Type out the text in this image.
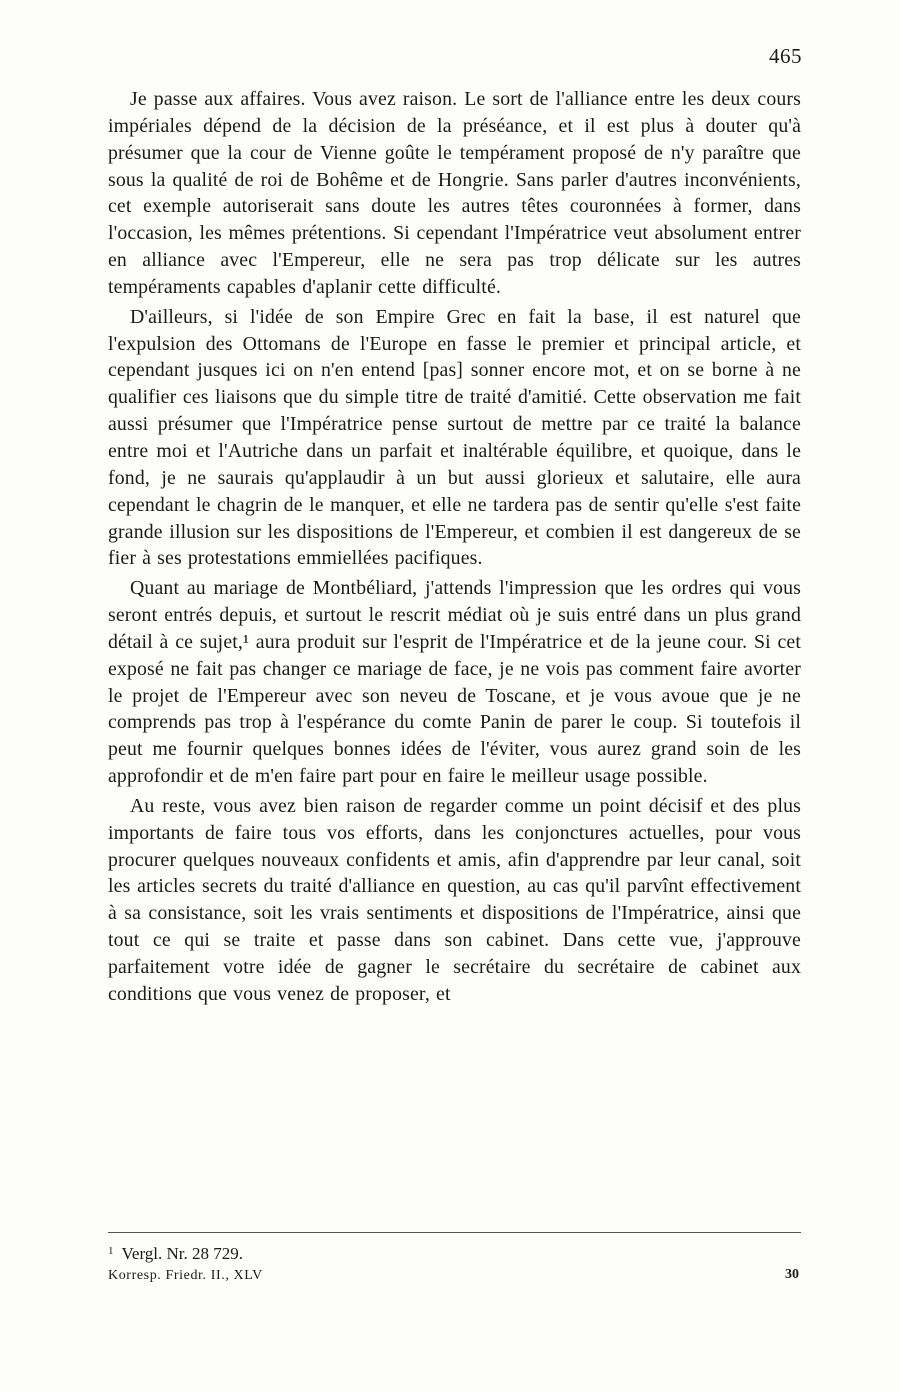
465

Je passe aux affaires. Vous avez raison. Le sort de l'alliance entre les deux cours impériales dépend de la décision de la préséance, et il est plus à douter qu'à présumer que la cour de Vienne goûte le tempérament proposé de n'y paraître que sous la qualité de roi de Bohême et de Hongrie. Sans parler d'autres inconvénients, cet exemple autoriserait sans doute les autres têtes couronnées à former, dans l'occasion, les mêmes prétentions. Si cependant l'Impératrice veut absolument entrer en alliance avec l'Empereur, elle ne sera pas trop délicate sur les autres tempéraments capables d'aplanir cette difficulté.

D'ailleurs, si l'idée de son Empire Grec en fait la base, il est naturel que l'expulsion des Ottomans de l'Europe en fasse le premier et principal article, et cependant jusques ici on n'en entend [pas] sonner encore mot, et on se borne à ne qualifier ces liaisons que du simple titre de traité d'amitié. Cette observation me fait aussi présumer que l'Impératrice pense surtout de mettre par ce traité la balance entre moi et l'Autriche dans un parfait et inaltérable équilibre, et quoique, dans le fond, je ne saurais qu'applaudir à un but aussi glorieux et salutaire, elle aura cependant le chagrin de le manquer, et elle ne tardera pas de sentir qu'elle s'est faite grande illusion sur les dispositions de l'Empereur, et combien il est dangereux de se fier à ses protestations emmiellées pacifiques.

Quant au mariage de Montbéliard, j'attends l'impression que les ordres qui vous seront entrés depuis, et surtout le rescrit médiat où je suis entré dans un plus grand détail à ce sujet,¹ aura produit sur l'esprit de l'Impératrice et de la jeune cour. Si cet exposé ne fait pas changer ce mariage de face, je ne vois pas comment faire avorter le projet de l'Empereur avec son neveu de Toscane, et je vous avoue que je ne comprends pas trop à l'espérance du comte Panin de parer le coup. Si toutefois il peut me fournir quelques bonnes idées de l'éviter, vous aurez grand soin de les approfondir et de m'en faire part pour en faire le meilleur usage possible.

Au reste, vous avez bien raison de regarder comme un point décisif et des plus importants de faire tous vos efforts, dans les conjonctures actuelles, pour vous procurer quelques nouveaux confidents et amis, afin d'apprendre par leur canal, soit les articles secrets du traité d'alliance en question, au cas qu'il parvînt effectivement à sa consistance, soit les vrais sentiments et dispositions de l'Impératrice, ainsi que tout ce qui se traite et passe dans son cabinet. Dans cette vue, j'approuve parfaitement votre idée de gagner le secrétaire du secrétaire de cabinet aux conditions que vous venez de proposer, et

$^1$ Vergl. Nr. 28 729.
Korresp. Friedr. II., XLV	30
